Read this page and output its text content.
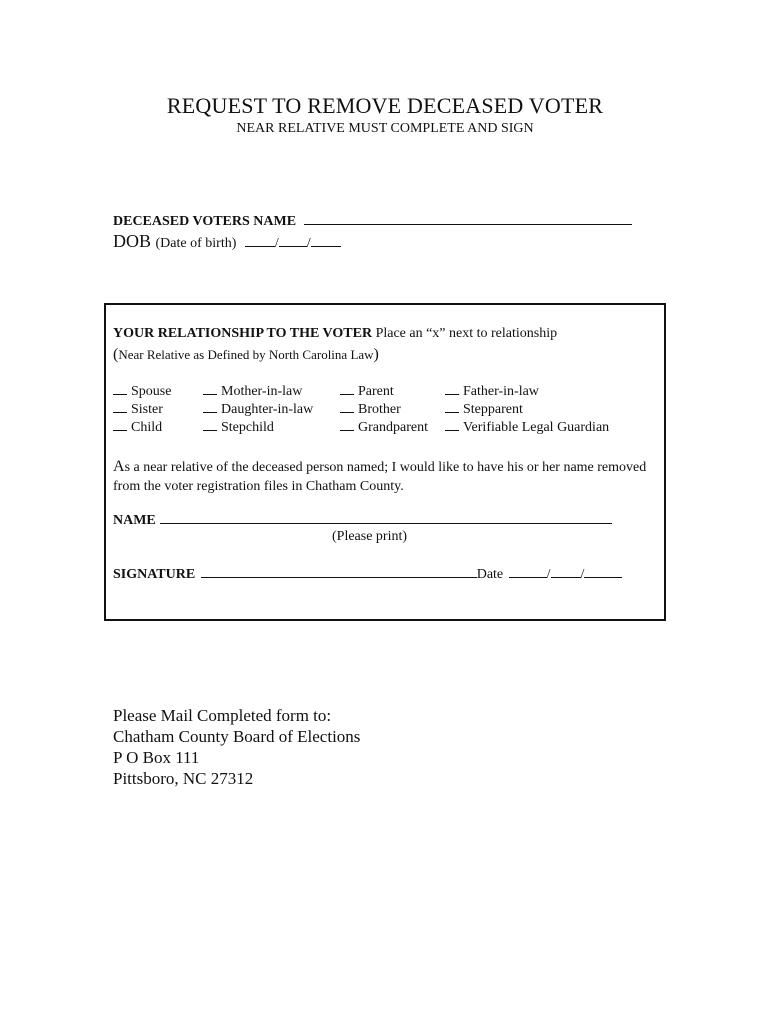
REQUEST TO REMOVE DECEASED VOTER
NEAR RELATIVE MUST COMPLETE AND SIGN
DECEASED VOTERS NAME
DOB (Date of birth)	/ /
YOUR RELATIONSHIP TO THE VOTER Place an “x” next to relationship
(Near Relative as Defined by North Carolina Law)
Spouse	Mother-in-law	Parent	Father-in-law
Sister	Daughter-in-law	Brother	Stepparent
Child	Stepchild	Grandparent	Verifiable Legal Guardian
As a near relative of the deceased person named; I would like to have his or her name removed from the voter registration files in Chatham County.
NAME
(Please print)
SIGNATURE	Date	/ /
Please Mail Completed form to:
Chatham County Board of Elections
P O Box 111
Pittsboro, NC 27312
